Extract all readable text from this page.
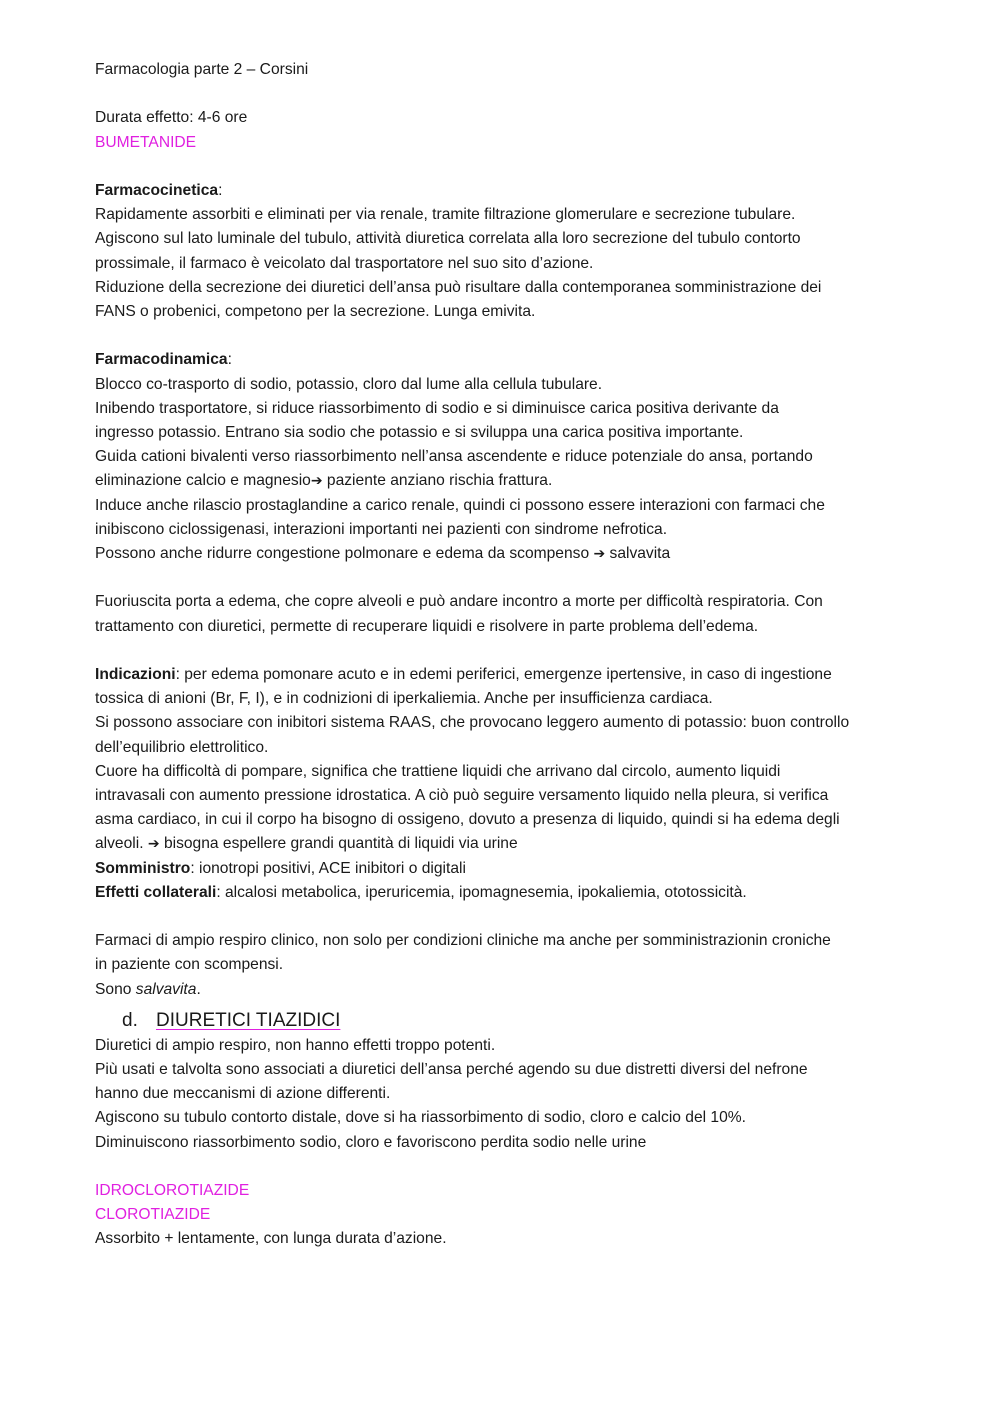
Farmacologia parte 2 – Corsini
Durata effetto: 4-6 ore
BUMETANIDE
Farmacocinetica:
Rapidamente assorbiti e eliminati per via renale, tramite filtrazione glomerulare e secrezione tubulare.
Agiscono sul lato luminale del tubulo, attività diuretica correlata alla loro secrezione del tubulo contorto
prossimale, il farmaco è veicolato dal trasportatore nel suo sito d’azione.
Riduzione della secrezione dei diuretici dell’ansa può risultare dalla contemporanea somministrazione dei
FANS o probenici, competono per la secrezione. Lunga emivita.
Farmacodinamica:
Blocco co-trasporto di sodio, potassio, cloro dal lume alla cellula tubulare.
Inibendo trasportatore, si riduce riassorbimento di sodio e si diminuisce carica positiva derivante da
ingresso potassio. Entrano sia sodio che potassio e si sviluppa una carica positiva importante.
Guida cationi bivalenti verso riassorbimento nell’ansa ascendente e riduce potenziale do ansa, portando
eliminazione calcio e magnesio➔ paziente anziano rischia frattura.
Induce anche rilascio prostaglandine a carico renale, quindi ci possono essere interazioni con farmaci che
inibiscono ciclossigenasi, interazioni importanti nei pazienti con sindrome nefrotica.
Possono anche ridurre congestione polmonare e edema da scompenso ➔ salvavita
Fuoriuscita porta a edema, che copre alveoli e può andare incontro a morte per difficoltà respiratoria. Con
trattamento con diuretici, permette di recuperare liquidi e risolvere in parte problema dell’edema.
Indicazioni: per edema pomonare acuto e in edemi periferici, emergenze ipertensive, in caso di ingestione
tossica di anioni (Br, F, I), e in codnizioni di iperkaliemia. Anche per insufficienza cardiaca.
Si possono associare con inibitori sistema RAAS, che provocano leggero aumento di potassio: buon controllo
dell’equilibrio elettrolitico.
Cuore ha difficoltà di pompare, significa che trattiene liquidi che arrivano dal circolo, aumento liquidi
intravasali con aumento pressione idrostatica. A ciò può seguire versamento liquido nella pleura, si verifica
asma cardiaco, in cui il corpo ha bisogno di ossigeno, dovuto a presenza di liquido, quindi si ha edema degli
alveoli. ➔ bisogna espellere grandi quantità di liquidi via urine
Somministro: ionotropi positivi, ACE inibitori o digitali
Effetti collaterali: alcalosi metabolica, iperuricemia, ipomagnesemia, ipokaliemia, ototossicità.
Farmaci di ampio respiro clinico, non solo per condizioni cliniche ma anche per somministrazionin croniche
in paziente con scompensi.
Sono salvavita.
d. DIURETICI TIAZIDICI
Diuretici di ampio respiro, non hanno effetti troppo potenti.
Più usati e talvolta sono associati a diuretici dell’ansa perché agendo su due distretti diversi del nefrone
hanno due meccanismi di azione differenti.
Agiscono su tubulo contorto distale, dove si ha riassorbimento di sodio, cloro e calcio del 10%.
Diminuiscono riassorbimento sodio, cloro e favoriscono perdita sodio nelle urine
IDROCLOROTIAZIDE
CLOROTIAZIDE
Assorbito + lentamente, con lunga durata d’azione.
